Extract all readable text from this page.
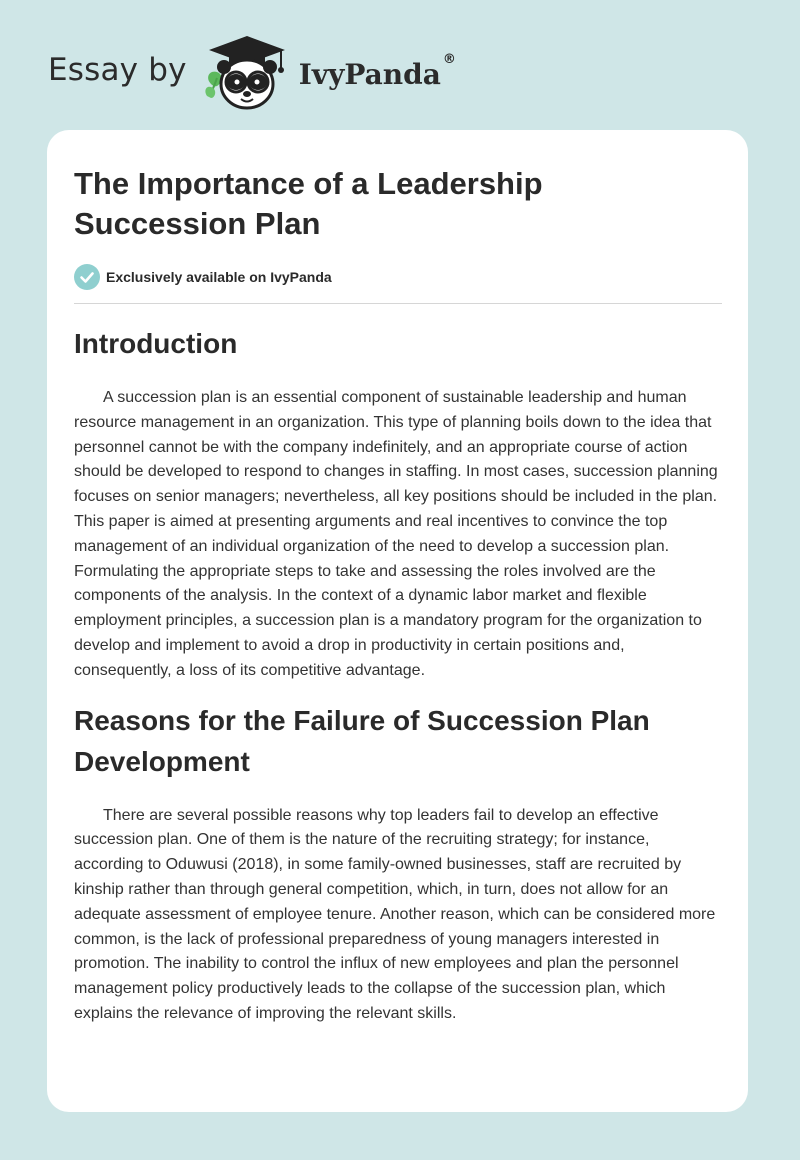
Essay by	IvyPanda ®
The Importance of a Leadership Succession Plan
Exclusively available on IvyPanda
Introduction

A succession plan is an essential component of sustainable leadership and human resource management in an organization. This type of planning boils down to the idea that personnel cannot be with the company indefinitely, and an appropriate course of action should be developed to respond to changes in staffing. In most cases, succession planning focuses on senior managers; nevertheless, all key positions should be included in the plan. This paper is aimed at presenting arguments and real incentives to convince the top management of an individual organization of the need to develop a succession plan. Formulating the appropriate steps to take and assessing the roles involved are the components of the analysis. In the context of a dynamic labor market and flexible employment principles, a succession plan is a mandatory program for the organization to develop and implement to avoid a drop in productivity in certain positions and, consequently, a loss of its competitive advantage.

Reasons for the Failure of Succession Plan Development

There are several possible reasons why top leaders fail to develop an effective succession plan. One of them is the nature of the recruiting strategy; for instance, according to Oduwusi (2018), in some family-owned businesses, staff are recruited by kinship rather than through general competition, which, in turn, does not allow for an adequate assessment of employee tenure. Another reason, which can be considered more common, is the lack of professional preparedness of young managers interested in promotion. The inability to control the influx of new employees and plan the personnel management policy productively leads to the collapse of the succession plan, which explains the relevance of improving the relevant skills.
